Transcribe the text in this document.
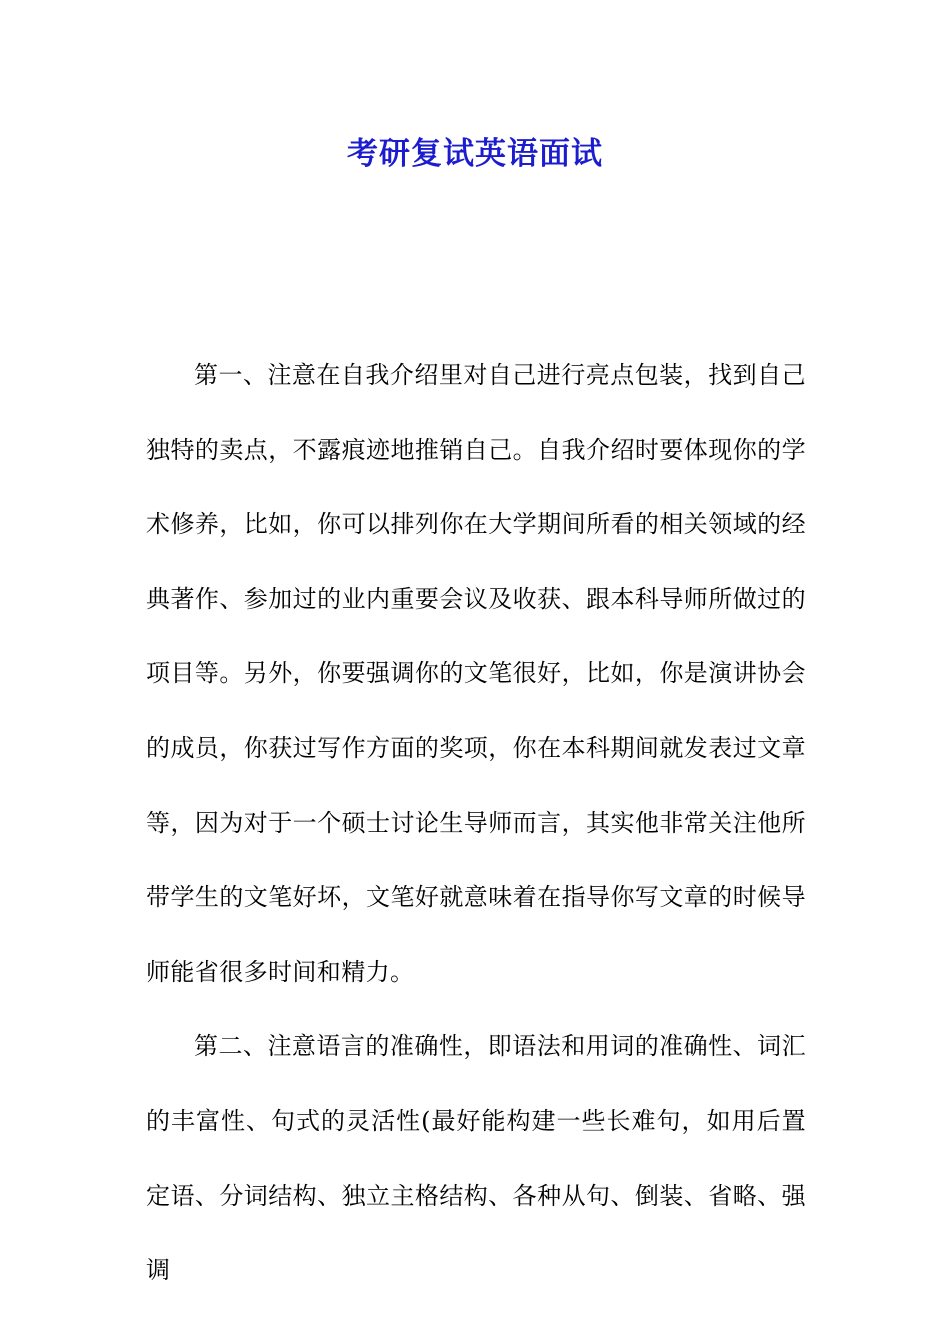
考研复试英语面试

第一、注意在自我介绍里对自己进行亮点包装，找到自己独特的卖点，不露痕迹地推销自己。自我介绍时要体现你的学术修养，比如，你可以排列你在大学期间所看的相关领域的经典著作、参加过的业内重要会议及收获、跟本科导师所做过的项目等。另外，你要强调你的文笔很好，比如，你是演讲协会的成员，你获过写作方面的奖项，你在本科期间就发表过文章等，因为对于一个硕士讨论生导师而言，其实他非常关注他所带学生的文笔好坏，文笔好就意味着在指导你写文章的时候导师能省很多时间和精力。

第二、注意语言的准确性，即语法和用词的准确性、词汇的丰富性、句式的灵活性(最好能构建一些长难句，如用后置定语、分词结构、独立主格结构、各种从句、倒装、省略、强调
